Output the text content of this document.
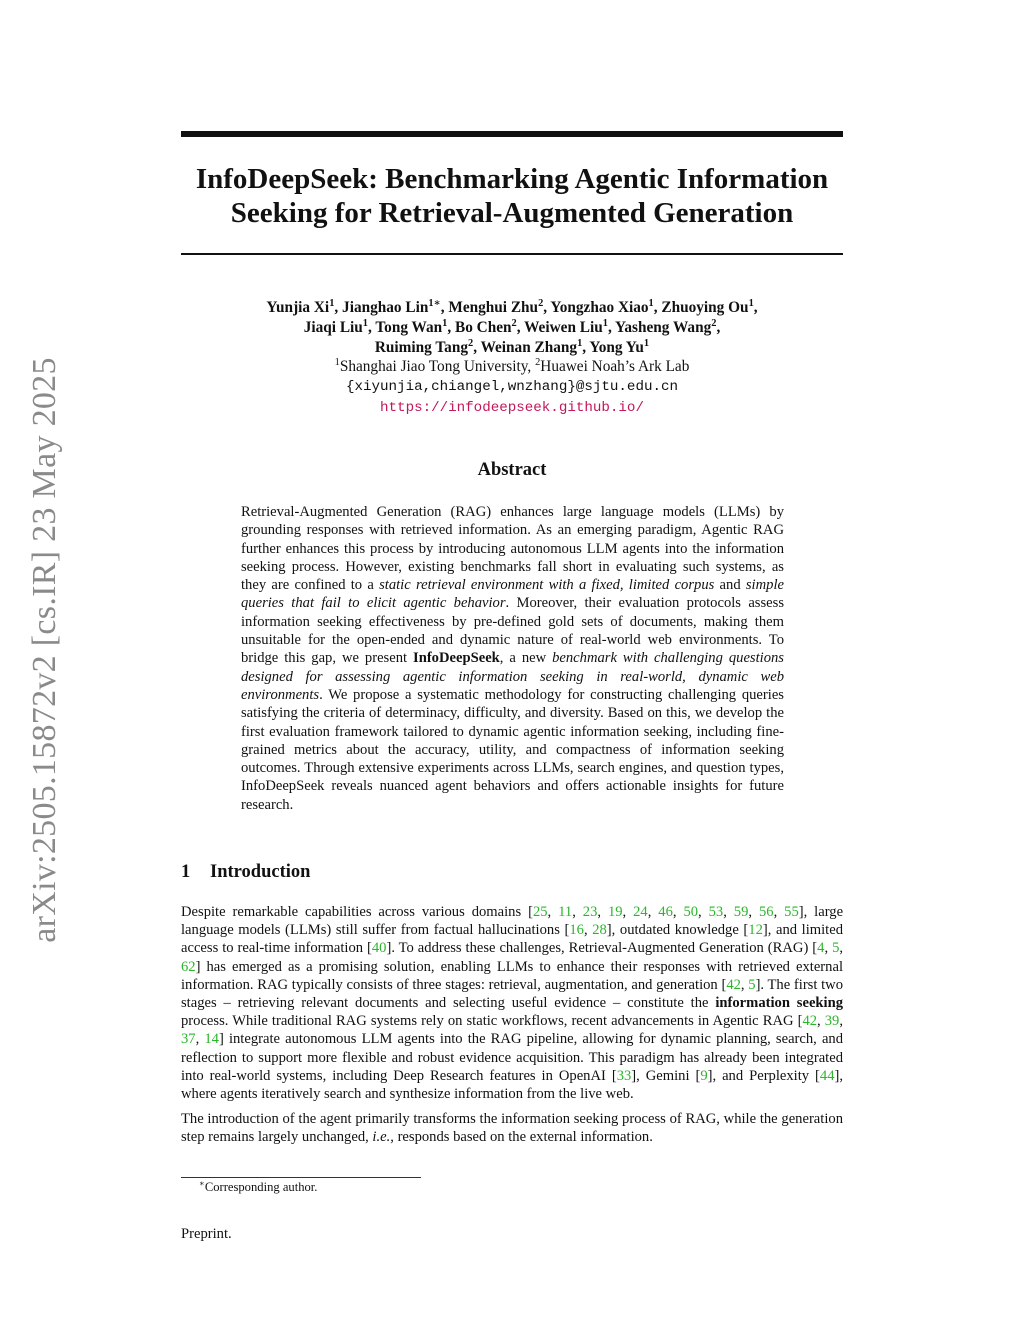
arXiv:2505.15872v2 [cs.IR] 23 May 2025
InfoDeepSeek: Benchmarking Agentic Information
Seeking for Retrieval-Augmented Generation
Yunjia Xi$^1$, Jianghao Lin$^{1∗}$, Menghui Zhu$^2$, Yongzhao Xiao$^1$, Zhuoying Ou$^1$,
Jiaqi Liu$^1$, Tong Wan$^1$, Bo Chen$^2$, Weiwen Liu$^1$, Yasheng Wang$^2$,
Ruiming Tang$^2$, Weinan Zhang$^1$, Yong Yu$^1$
$^1$Shanghai Jiao Tong University, $^2$Huawei Noah’s Ark Lab
{xiyunjia,chiangel,wnzhang}@sjtu.edu.cn
https://infodeepseek.github.io/
Abstract

Retrieval-Augmented Generation (RAG) enhances large language models (LLMs) by grounding responses with retrieved information. As an emerging paradigm, Agentic RAG further enhances this process by introducing autonomous LLM agents into the information seeking process. However, existing benchmarks fall short in evaluating such systems, as they are confined to a static retrieval environment with a fixed, limited corpus and simple queries that fail to elicit agentic behavior. Moreover, their evaluation protocols assess information seeking effectiveness by pre-defined gold sets of documents, making them unsuitable for the open-ended and dynamic nature of real-world web environments. To bridge this gap, we present InfoDeepSeek, a new benchmark with challenging questions designed for assessing agentic information seeking in real-world, dynamic web environments. We propose a systematic methodology for constructing challenging queries satisfying the criteria of determinacy, difficulty, and diversity. Based on this, we develop the first evaluation framework tailored to dynamic agentic information seeking, including fine-grained metrics about the accuracy, utility, and compactness of information seeking outcomes. Through extensive experiments across LLMs, search engines, and question types, InfoDeepSeek reveals nuanced agent behaviors and offers actionable insights for future research.

1 Introduction

Despite remarkable capabilities across various domains [25, 11, 23, 19, 24, 46, 50, 53, 59, 56, 55], large language models (LLMs) still suffer from factual hallucinations [16, 28], outdated knowledge [12], and limited access to real-time information [40]. To address these challenges, Retrieval-Augmented Generation (RAG) [4, 5, 62] has emerged as a promising solution, enabling LLMs to enhance their responses with retrieved external information. RAG typically consists of three stages: retrieval, augmentation, and generation [42, 5]. The first two stages – retrieving relevant documents and selecting useful evidence – constitute the information seeking process. While traditional RAG systems rely on static workflows, recent advancements in Agentic RAG [42, 39, 37, 14] integrate autonomous LLM agents into the RAG pipeline, allowing for dynamic planning, search, and reflection to support more flexible and robust evidence acquisition. This paradigm has already been integrated into real-world systems, including Deep Research features in OpenAI [33], Gemini [9], and Perplexity [44], where agents iteratively search and synthesize information from the live web.

The introduction of the agent primarily transforms the information seeking process of RAG, while the generation step remains largely unchanged, i.e., responds based on the external information.

∗Corresponding author.
Preprint.
